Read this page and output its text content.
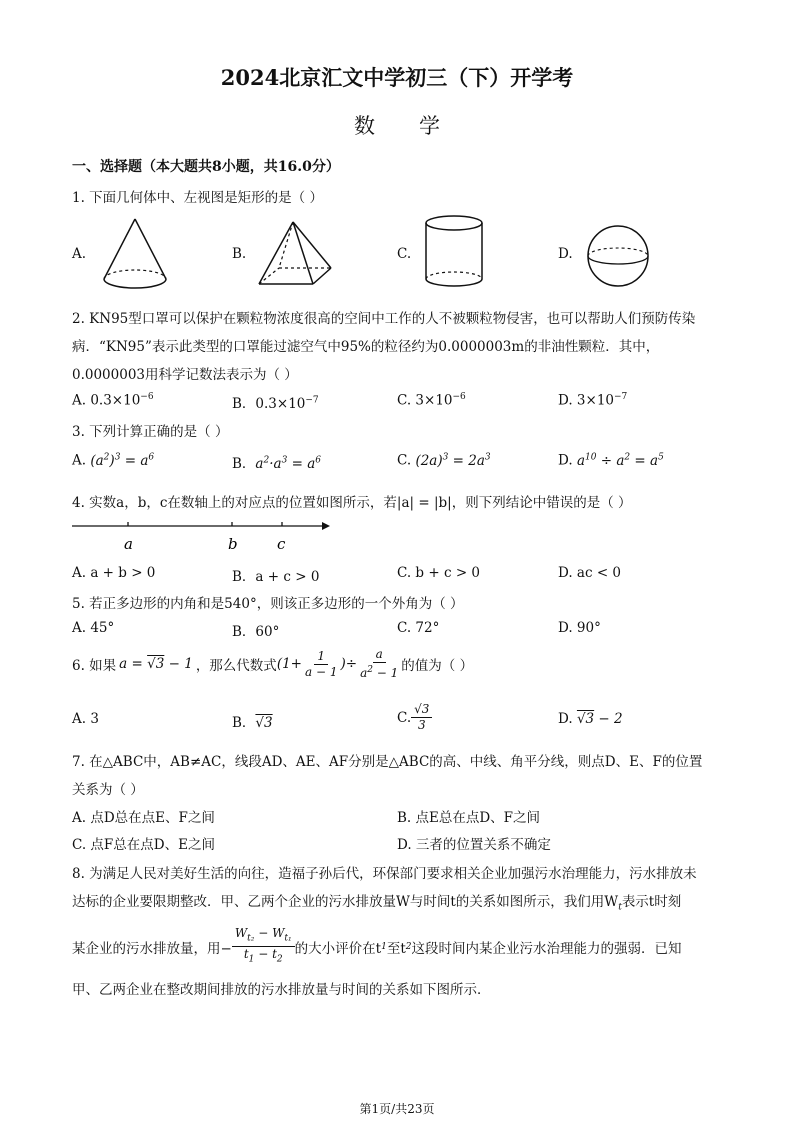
2024北京汇文中学初三（下）开学考
数学
一、选择题（本大题共8小题，共16.0分）
1. 下面几何体中、左视图是矩形的是（ ）
A.	B.	C.	D.
2. KN95型口罩可以保护在颗粒物浓度很高的空间中工作的人不被颗粒物侵害，也可以帮助人们预防传染
病．“KN95”表示此类型的口罩能过滤空气中95%的粒径约为0.0000003m的非油性颗粒．其中，
0.0000003用科学记数法表示为（ ）
A. $0.3\times 10^{-6}$	B．$0.3\times 10^{-7}$	C. $3\times 10^{-6}$	D. $3\times 10^{-7}$
3. 下列计算正确的是（ ）
A. $(a^2)^3 = a^6$	B．$a^2\cdot a^3 = a^6$	C. $(2a)^3 = 2a^3$	D. $a^{10} \div a^2 = a^5$
4. 实数a，b，c在数轴上的对应点的位置如图所示，若|a| = |b|，则下列结论中错误的是（ ）
a	b	c
A. a + b > 0	B．a + c > 0	C. b + c > 0	D. ac < 0
5. 若正多边形的内角和是540°，则该正多边形的一个外角为（ ）
A. 45°	B．60°	C. 72°	D. 90°
6. 如果 a = √3 − 1 ，那么代数式 ($1+ \frac{1}{a - 1}$ )÷ $\frac{a}{a^2 - 1}$ 的值为（ ）
A. 3	B．√3	C. $\frac{√3}{3}$	D. √3 − 2
7. 在△ABC中，AB≠AC，线段AD、AE、AF分别是△ABC的高、中线、角平分线，则点D、E、F的位置
关系为（ ）
A. 点D总在点E、F之间	B. 点E总在点D、F之间
C. 点F总在点D、E之间	D. 三者的位置关系不确定
8. 为满足人民对美好生活的向往，造福子孙后代，环保部门要求相关企业加强污水治理能力，污水排放未
达标的企业要限期整改．甲、乙两个企业的污水排放量W与时间t的关系如图所示，我们用$W_t$表示t时刻
某企业的污水排放量，用− $\frac{W_{t_2} - W_{t_1}}{t_1 - t_2}$ 的大小评价在t 1 至t 2 这段时间内某企业污水治理能力的强弱．已知
甲、乙两企业在整改期间排放的污水排放量与时间的关系如下图所示．
第1页/共23页
